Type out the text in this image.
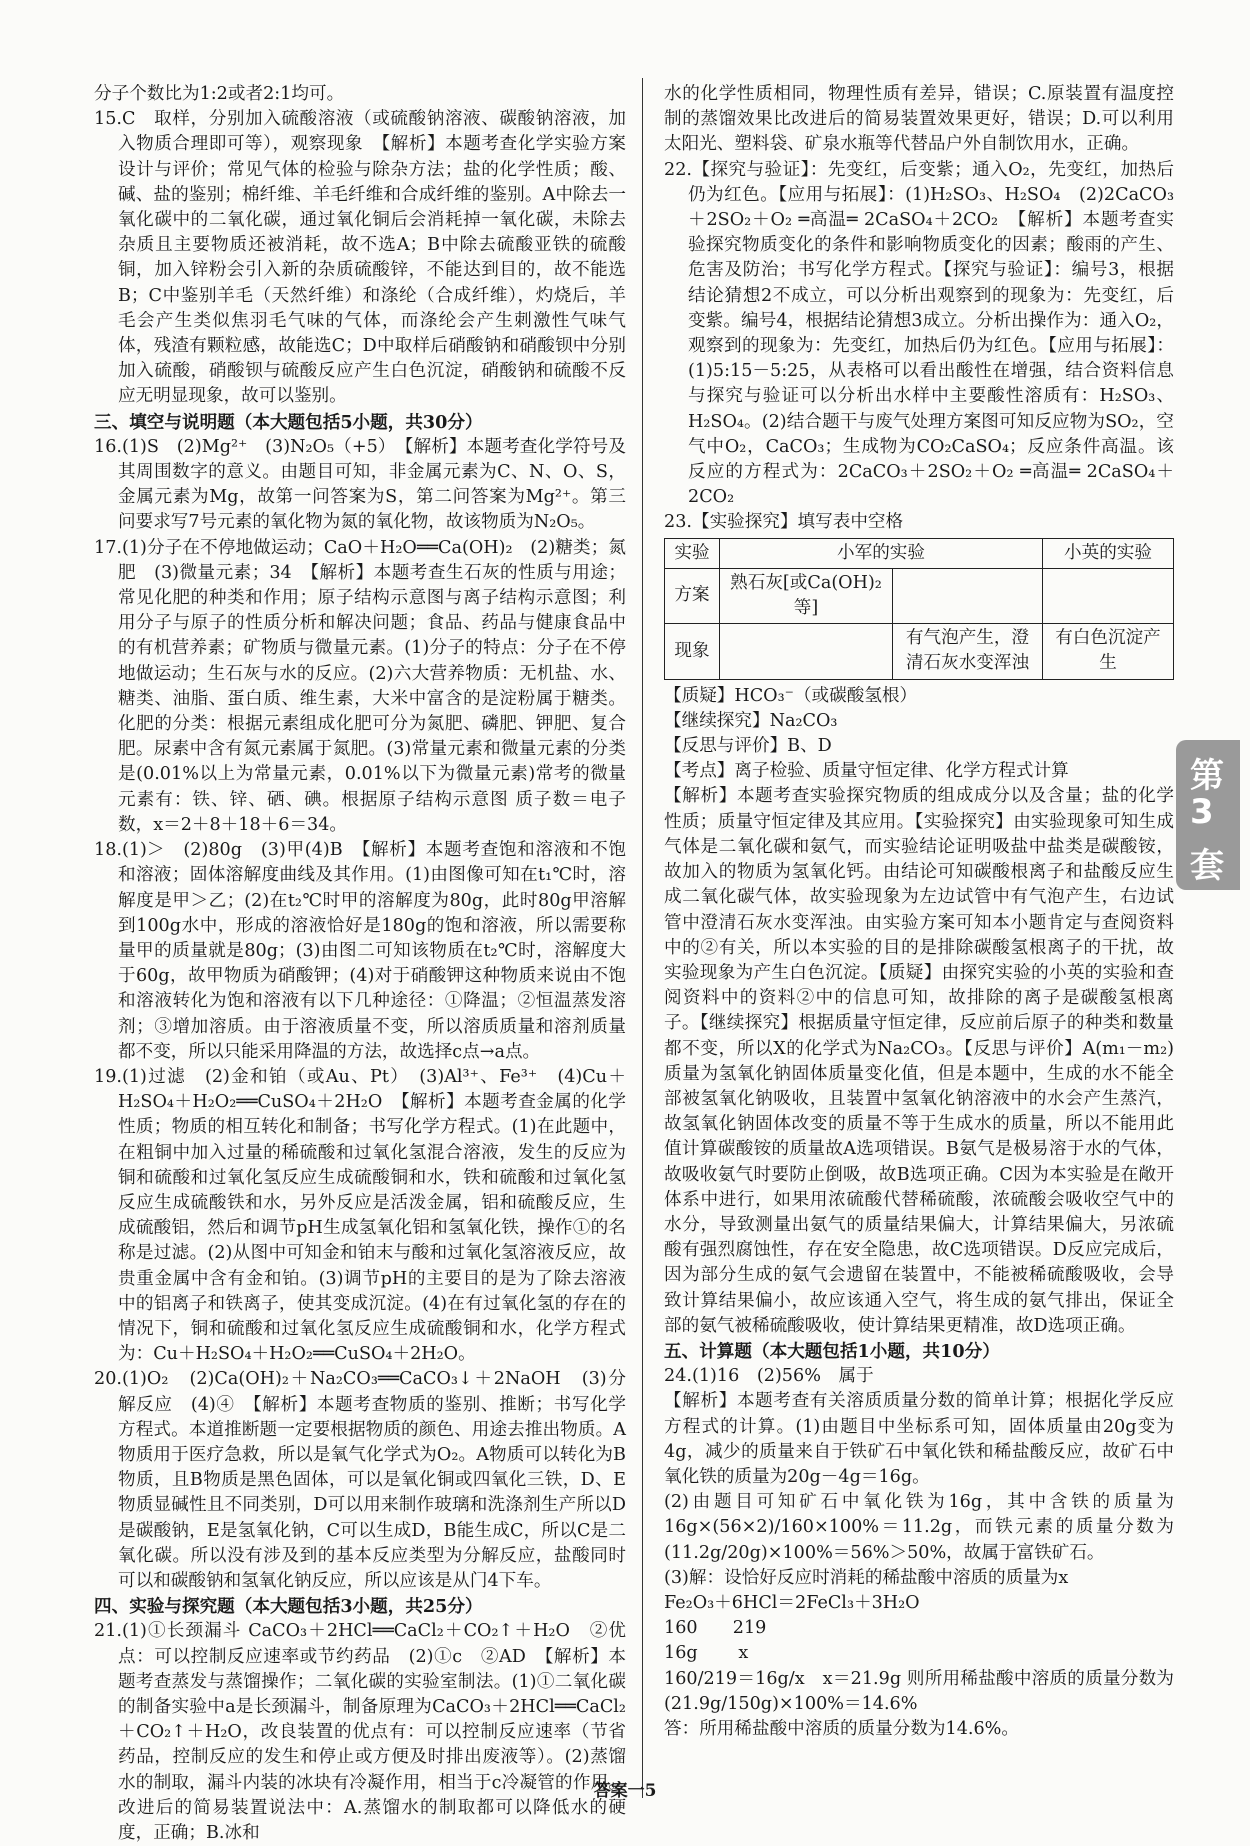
分子个数比为1:2或者2:1均可。

15.C　取样，分别加入硫酸溶液（或硫酸钠溶液、碳酸钠溶液，加入物质合理即可等），观察现象　【解析】本题考查化学实验方案设计与评价；常见气体的检验与除杂方法；盐的化学性质；酸、碱、盐的鉴别；棉纤维、羊毛纤维和合成纤维的鉴别。A中除去一氧化碳中的二氧化碳，通过氧化铜后会消耗掉一氧化碳，未除去杂质且主要物质还被消耗，故不选A；B中除去硫酸亚铁的硫酸铜，加入锌粉会引入新的杂质硫酸锌，不能达到目的，故不能选B；C中鉴别羊毛（天然纤维）和涤纶（合成纤维），灼烧后，羊毛会产生类似焦羽毛气味的气体，而涤纶会产生刺激性气味气体，残渣有颗粒感，故能选C；D中取样后硝酸钠和硝酸钡中分别加入硫酸，硝酸钡与硫酸反应产生白色沉淀，硝酸钠和硫酸不反应无明显现象，故可以鉴别。

三、填空与说明题（本大题包括5小题，共30分）

16.(1)S　(2)Mg²⁺　(3)N₂O₅（+5）　【解析】本题考查化学符号及其周围数字的意义。由题目可知，非金属元素为C、N、O、S，金属元素为Mg，故第一问答案为S，第二问答案为Mg²⁺。第三问要求写7号元素的氧化物为氮的氧化物，故该物质为N₂O₅。

17.(1)分子在不停地做运动；CaO＋H₂O══Ca(OH)₂　(2)糖类；氮肥　(3)微量元素；34　【解析】本题考查生石灰的性质与用途；常见化肥的种类和作用；原子结构示意图与离子结构示意图；利用分子与原子的性质分析和解决问题；食品、药品与健康食品中的有机营养素；矿物质与微量元素。(1)分子的特点：分子在不停地做运动；生石灰与水的反应。(2)六大营养物质：无机盐、水、糖类、油脂、蛋白质、维生素，大米中富含的是淀粉属于糖类。化肥的分类：根据元素组成化肥可分为氮肥、磷肥、钾肥、复合肥。尿素中含有氮元素属于氮肥。(3)常量元素和微量元素的分类是(0.01%以上为常量元素，0.01%以下为微量元素)常考的微量元素有：铁、锌、硒、碘。根据原子结构示意图 质子数＝电子数，x＝2＋8＋18＋6＝34。

18.(1)＞　(2)80g　(3)甲(4)B　【解析】本题考查饱和溶液和不饱和溶液；固体溶解度曲线及其作用。(1)由图像可知在t₁℃时，溶解度是甲＞乙；(2)在t₂℃时甲的溶解度为80g，此时80g甲溶解到100g水中，形成的溶液恰好是180g的饱和溶液，所以需要称量甲的质量就是80g；(3)由图二可知该物质在t₂℃时，溶解度大于60g，故甲物质为硝酸钾；(4)对于硝酸钾这种物质来说由不饱和溶液转化为饱和溶液有以下几种途径：①降温；②恒温蒸发溶剂；③增加溶质。由于溶液质量不变，所以溶质质量和溶剂质量都不变，所以只能采用降温的方法，故选择c点→a点。

19.(1)过滤　(2)金和铂（或Au、Pt）　(3)Al³⁺、Fe³⁺　(4)Cu＋H₂SO₄＋H₂O₂══CuSO₄＋2H₂O　【解析】本题考查金属的化学性质；物质的相互转化和制备；书写化学方程式。(1)在此题中，在粗铜中加入过量的稀硫酸和过氧化氢混合溶液，发生的反应为铜和硫酸和过氧化氢反应生成硫酸铜和水，铁和硫酸和过氧化氢反应生成硫酸铁和水，另外反应是活泼金属，铝和硫酸反应，生成硫酸铝，然后和调节pH生成氢氧化铝和氢氧化铁，操作①的名称是过滤。(2)从图中可知金和铂末与酸和过氧化氢溶液反应，故贵重金属中含有金和铂。(3)调节pH的主要目的是为了除去溶液中的铝离子和铁离子，使其变成沉淀。(4)在有过氧化氢的存在的情况下，铜和硫酸和过氧化氢反应生成硫酸铜和水，化学方程式为：Cu＋H₂SO₄＋H₂O₂══CuSO₄＋2H₂O。

20.(1)O₂　(2)Ca(OH)₂＋Na₂CO₃══CaCO₃↓＋2NaOH　(3)分解反应　(4)④　【解析】本题考查物质的鉴别、推断；书写化学方程式。本道推断题一定要根据物质的颜色、用途去推出物质。A物质用于医疗急救，所以是氧气化学式为O₂。A物质可以转化为B物质，且B物质是黑色固体，可以是氧化铜或四氧化三铁，D、E物质显碱性且不同类别，D可以用来制作玻璃和洗涤剂生产所以D是碳酸钠，E是氢氧化钠，C可以生成D，B能生成C，所以C是二氧化碳。所以没有涉及到的基本反应类型为分解反应，盐酸同时可以和碳酸钠和氢氧化钠反应，所以应该是从门4下车。

四、实验与探究题（本大题包括3小题，共25分）

21.(1)①长颈漏斗 CaCO₃＋2HCl══CaCl₂＋CO₂↑＋H₂O　②优点：可以控制反应速率或节约药品　(2)①c　②AD　【解析】本题考查蒸发与蒸馏操作；二氧化碳的实验室制法。(1)①二氧化碳的制备实验中a是长颈漏斗，制备原理为CaCO₃＋2HCl══CaCl₂＋CO₂↑＋H₂O，改良装置的优点有：可以控制反应速率（节省药品，控制反应的发生和停止或方便及时排出废液等）。(2)蒸馏水的制取，漏斗内装的冰块有冷凝作用，相当于c冷凝管的作用。改进后的简易装置说法中：A.蒸馏水的制取都可以降低水的硬度，正确；B.冰和

水的化学性质相同，物理性质有差异，错误；C.原装置有温度控制的蒸馏效果比改进后的简易装置效果更好，错误；D.可以利用太阳光、塑料袋、矿泉水瓶等代替品户外自制饮用水，正确。

22.【探究与验证】：先变红，后变紫；通入O₂，先变红，加热后仍为红色。【应用与拓展】：(1)H₂SO₃、H₂SO₄　(2)2CaCO₃＋2SO₂＋O₂ ═高温═ 2CaSO₄＋2CO₂　【解析】本题考查实验探究物质变化的条件和影响物质变化的因素；酸雨的产生、危害及防治；书写化学方程式。【探究与验证】：编号3，根据结论猜想2不成立，可以分析出观察到的现象为：先变红，后变紫。编号4，根据结论猜想3成立。分析出操作为：通入O₂，观察到的现象为：先变红，加热后仍为红色。【应用与拓展】：(1)5:15－5:25，从表格可以看出酸性在增强，结合资料信息与探究与验证可以分析出水样中主要酸性溶质有：H₂SO₃、H₂SO₄。(2)结合题干与废气处理方案图可知反应物为SO₂，空气中O₂，CaCO₃；生成物为CO₂CaSO₄；反应条件高温。该反应的方程式为：2CaCO₃＋2SO₂＋O₂ ═高温═ 2CaSO₄＋2CO₂

23.【实验探究】填写表中空格

实验	小军的实验		小英的实验
方案	熟石灰[或Ca(OH)₂等]		
现象		有气泡产生，澄清石灰水变浑浊	有白色沉淀产生

【质疑】HCO₃⁻（或碳酸氢根）

【继续探究】Na₂CO₃

【反思与评价】B、D

【考点】离子检验、质量守恒定律、化学方程式计算

【解析】本题考查实验探究物质的组成成分以及含量；盐的化学性质；质量守恒定律及其应用。【实验探究】由实验现象可知生成气体是二氧化碳和氨气，而实验结论证明吸盐中盐类是碳酸铵，故加入的物质为氢氧化钙。由结论可知碳酸根离子和盐酸反应生成二氧化碳气体，故实验现象为左边试管中有气泡产生，右边试管中澄清石灰水变浑浊。由实验方案可知本小题肯定与查阅资料中的②有关，所以本实验的目的是排除碳酸氢根离子的干扰，故实验现象为产生白色沉淀。【质疑】由探究实验的小英的实验和查阅资料中的资料②中的信息可知，故排除的离子是碳酸氢根离子。【继续探究】根据质量守恒定律，反应前后原子的种类和数量都不变，所以X的化学式为Na₂CO₃。【反思与评价】A(m₁－m₂)质量为氢氧化钠固体质量变化值，但是本题中，生成的水不能全部被氢氧化钠吸收，且装置中氢氧化钠溶液中的水会产生蒸汽，故氢氧化钠固体改变的质量不等于生成水的质量，所以不能用此值计算碳酸铵的质量故A选项错误。B氨气是极易溶于水的气体，故吸收氨气时要防止倒吸，故B选项正确。C因为本实验是在敞开体系中进行，如果用浓硫酸代替稀硫酸，浓硫酸会吸收空气中的水分，导致测量出氨气的质量结果偏大，计算结果偏大，另浓硫酸有强烈腐蚀性，存在安全隐患，故C选项错误。D反应完成后，因为部分生成的氨气会遗留在装置中，不能被稀硫酸吸收，会导致计算结果偏小，故应该通入空气，将生成的氨气排出，保证全部的氨气被稀硫酸吸收，使计算结果更精准，故D选项正确。

五、计算题（本大题包括1小题，共10分）

24.(1)16　(2)56%　属于

【解析】本题考查有关溶质质量分数的简单计算；根据化学反应方程式的计算。(1)由题目中坐标系可知，固体质量由20g变为4g，减少的质量来自于铁矿石中氧化铁和稀盐酸反应，故矿石中氧化铁的质量为20g－4g＝16g。

(2)由题目可知矿石中氧化铁为16g，其中含铁的质量为16g×(56×2)/160×100%＝11.2g，而铁元素的质量分数为(11.2g/20g)×100%＝56%＞50%，故属于富铁矿石。

(3)解：设恰好反应时消耗的稀盐酸中溶质的质量为x

Fe₂O₃＋6HCl＝2FeCl₃＋3H₂O

160　　219

16g　　 x

160/219＝16g/x　x＝21.9g 则所用稀盐酸中溶质的质量分数为(21.9g/150g)×100%＝14.6%

答：所用稀盐酸中溶质的质量分数为14.6%。

第
3
套
答案一5
